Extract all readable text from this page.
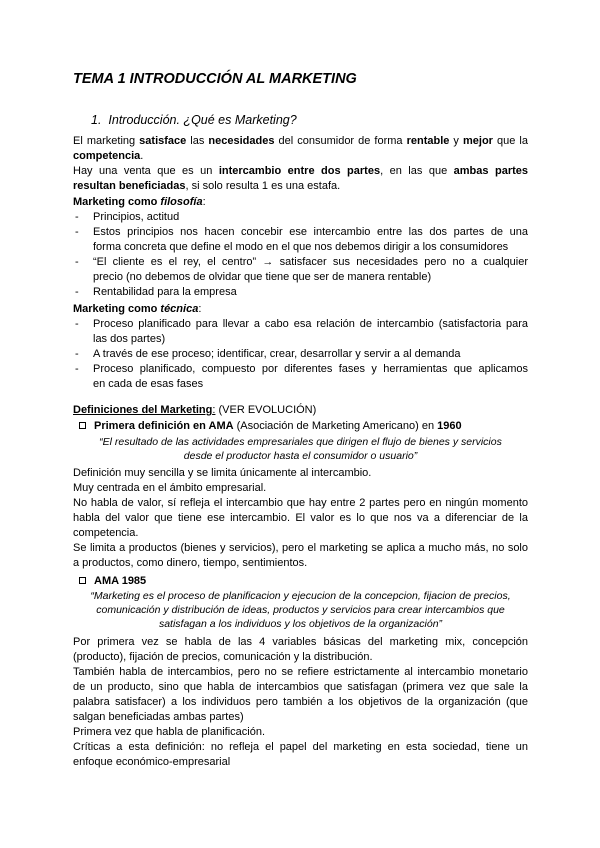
TEMA 1 INTRODUCCIÓN AL MARKETING
1. Introducción. ¿Qué es Marketing?
El marketing satisface las necesidades del consumidor de forma rentable y mejor que la
competencia.
Hay una venta que es un intercambio entre dos partes, en las que ambas partes
resultan beneficiadas, si solo resulta 1 es una estafa.
Marketing como filosofía:
- Principios, actitud
- Estos principios nos hacen concebir ese intercambio entre las dos partes de una
forma concreta que define el modo en el que nos debemos dirigir a los consumidores
- “El cliente es el rey, el centro” → satisfacer sus necesidades pero no a cualquier
precio (no debemos de olvidar que tiene que ser de manera rentable)
- Rentabilidad para la empresa
Marketing como técnica:
- Proceso planificado para llevar a cabo esa relación de intercambio (satisfactoria para
las dos partes)
- A través de ese proceso; identificar, crear, desarrollar y servir a al demanda
- Proceso planificado, compuesto por diferentes fases y herramientas que aplicamos
en cada de esas fases
Definiciones del Marketing: (VER EVOLUCIÓN)
Primera definición en AMA (Asociación de Marketing Americano) en 1960
“El resultado de las actividades empresariales que dirigen el flujo de bienes y servicios
desde el productor hasta el consumidor o usuario”
Definición muy sencilla y se limita únicamente al intercambio.
Muy centrada en el ámbito empresarial.
No habla de valor, sí refleja el intercambio que hay entre 2 partes pero en ningún momento
habla del valor que tiene ese intercambio. El valor es lo que nos va a diferenciar de la
competencia.
Se limita a productos (bienes y servicios), pero el marketing se aplica a mucho más, no solo
a productos, como dinero, tiempo, sentimientos.
AMA 1985
“Marketing es el proceso de planificacion y ejecucion de la concepcion, fijacion de precios,
comunicación y distribución de ideas, productos y servicios para crear intercambios que
satisfagan a los individuos y los objetivos de la organización”
Por primera vez se habla de las 4 variables básicas del marketing mix, concepción
(producto), fijación de precios, comunicación y la distribución.
También habla de intercambios, pero no se refiere estrictamente al intercambio monetario
de un producto, sino que habla de intercambios que satisfagan (primera vez que sale la
palabra satisfacer) a los individuos pero también a los objetivos de la organización (que
salgan beneficiadas ambas partes)
Primera vez que habla de planificación.
Críticas a esta definición: no refleja el papel del marketing en esta sociedad, tiene un
enfoque económico-empresarial
